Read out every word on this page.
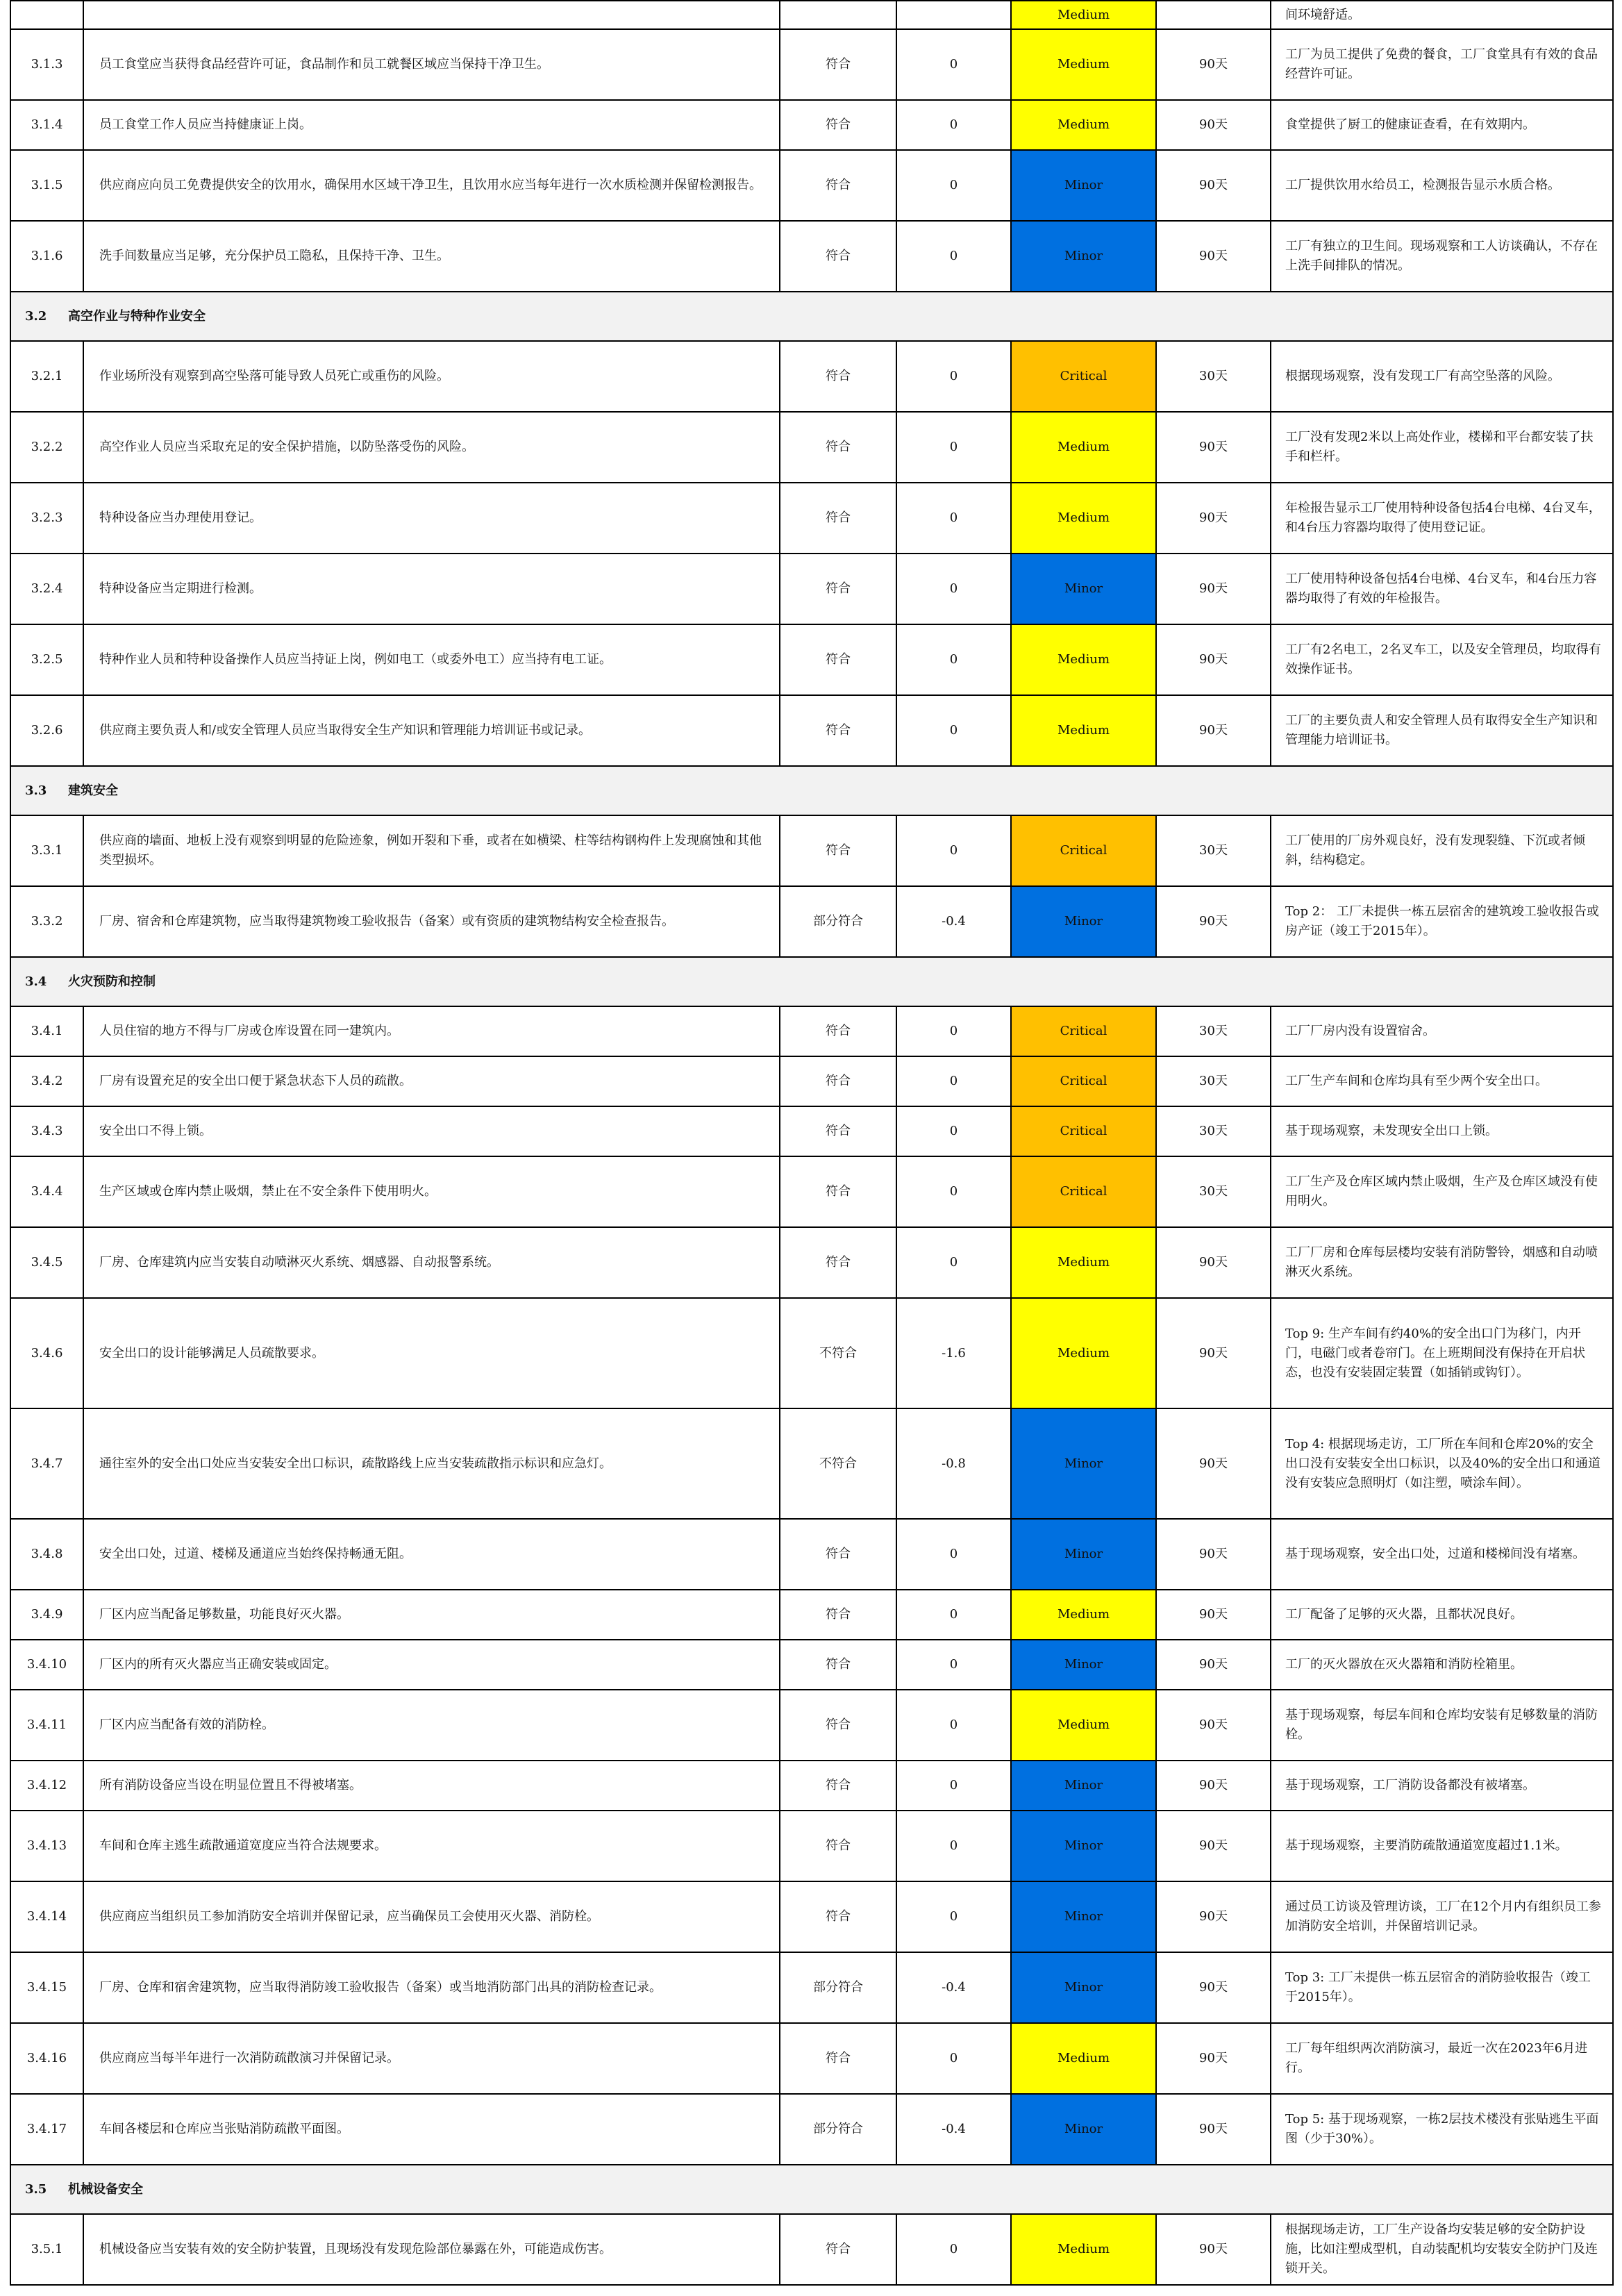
				Medium		间环境舒适。
3.1.3	员工食堂应当获得食品经营许可证，食品制作和员工就餐区域应当保持干净卫生。	符合	0	Medium	90天	工厂为员工提供了免费的餐食，工厂食堂具有有效的食品经营许可证。
3.1.4	员工食堂工作人员应当持健康证上岗。	符合	0	Medium	90天	食堂提供了厨工的健康证查看，在有效期内。
3.1.5	供应商应向员工免费提供安全的饮用水，确保用水区域干净卫生，且饮用水应当每年进行一次水质检测并保留检测报告。	符合	0	Minor	90天	工厂提供饮用水给员工，检测报告显示水质合格。
3.1.6	洗手间数量应当足够，充分保护员工隐私，且保持干净、卫生。	符合	0	Minor	90天	工厂有独立的卫生间。现场观察和工人访谈确认，不存在上洗手间排队的情况。
3.2 高空作业与特种作业安全						
3.2.1	作业场所没有观察到高空坠落可能导致人员死亡或重伤的风险。	符合	0	Critical	30天	根据现场观察，没有发现工厂有高空坠落的风险。
3.2.2	高空作业人员应当采取充足的安全保护措施，以防坠落受伤的风险。	符合	0	Medium	90天	工厂没有发现2米以上高处作业，楼梯和平台都安装了扶手和栏杆。
3.2.3	特种设备应当办理使用登记。	符合	0	Medium	90天	年检报告显示工厂使用特种设备包括4台电梯、4台叉车，和4台压力容器均取得了使用登记证。
3.2.4	特种设备应当定期进行检测。	符合	0	Minor	90天	工厂使用特种设备包括4台电梯、4台叉车，和4台压力容器均取得了有效的年检报告。
3.2.5	特种作业人员和特种设备操作人员应当持证上岗，例如电工（或委外电工）应当持有电工证。	符合	0	Medium	90天	工厂有2名电工，2名叉车工，以及安全管理员，均取得有效操作证书。
3.2.6	供应商主要负责人和/或安全管理人员应当取得安全生产知识和管理能力培训证书或记录。	符合	0	Medium	90天	工厂的主要负责人和安全管理人员有取得安全生产知识和管理能力培训证书。
3.3 建筑安全						
3.3.1	供应商的墙面、地板上没有观察到明显的危险迹象，例如开裂和下垂，或者在如横梁、柱等结构钢构件上发现腐蚀和其他类型损坏。	符合	0	Critical	30天	工厂使用的厂房外观良好，没有发现裂缝、下沉或者倾斜，结构稳定。
3.3.2	厂房、宿舍和仓库建筑物，应当取得建筑物竣工验收报告（备案）或有资质的建筑物结构安全检查报告。	部分符合	-0.4	Minor	90天	Top 2： 工厂未提供一栋五层宿舍的建筑竣工验收报告或房产证（竣工于2015年）。
3.4 火灾预防和控制						
3.4.1	人员住宿的地方不得与厂房或仓库设置在同一建筑内。	符合	0	Critical	30天	工厂厂房内没有设置宿舍。
3.4.2	厂房有设置充足的安全出口便于紧急状态下人员的疏散。	符合	0	Critical	30天	工厂生产车间和仓库均具有至少两个安全出口。
3.4.3	安全出口不得上锁。	符合	0	Critical	30天	基于现场观察，未发现安全出口上锁。
3.4.4	生产区域或仓库内禁止吸烟，禁止在不安全条件下使用明火。	符合	0	Critical	30天	工厂生产及仓库区域内禁止吸烟，生产及仓库区域没有使用明火。
3.4.5	厂房、仓库建筑内应当安装自动喷淋灭火系统、烟感器、自动报警系统。	符合	0	Medium	90天	工厂厂房和仓库每层楼均安装有消防警铃，烟感和自动喷淋灭火系统。
3.4.6	安全出口的设计能够满足人员疏散要求。	不符合	-1.6	Medium	90天	Top 9: 生产车间有约40%的安全出口门为移门，内开门，电磁门或者卷帘门。在上班期间没有保持在开启状态，也没有安装固定装置（如插销或钩钉）。
3.4.7	通往室外的安全出口处应当安装安全出口标识，疏散路线上应当安装疏散指示标识和应急灯。	不符合	-0.8	Minor	90天	Top 4: 根据现场走访，工厂所在车间和仓库20%的安全出口没有安装安全出口标识，以及40%的安全出口和通道没有安装应急照明灯（如注塑，喷涂车间）。
3.4.8	安全出口处，过道、楼梯及通道应当始终保持畅通无阻。	符合	0	Minor	90天	基于现场观察，安全出口处，过道和楼梯间没有堵塞。
3.4.9	厂区内应当配备足够数量，功能良好灭火器。	符合	0	Medium	90天	工厂配备了足够的灭火器，且都状况良好。
3.4.10	厂区内的所有灭火器应当正确安装或固定。	符合	0	Minor	90天	工厂的灭火器放在灭火器箱和消防栓箱里。
3.4.11	厂区内应当配备有效的消防栓。	符合	0	Medium	90天	基于现场观察，每层车间和仓库均安装有足够数量的消防栓。
3.4.12	所有消防设备应当设在明显位置且不得被堵塞。	符合	0	Minor	90天	基于现场观察，工厂消防设备都没有被堵塞。
3.4.13	车间和仓库主逃生疏散通道宽度应当符合法规要求。	符合	0	Minor	90天	基于现场观察，主要消防疏散通道宽度超过1.1米。
3.4.14	供应商应当组织员工参加消防安全培训并保留记录，应当确保员工会使用灭火器、消防栓。	符合	0	Minor	90天	通过员工访谈及管理访谈，工厂在12个月内有组织员工参加消防安全培训，并保留培训记录。
3.4.15	厂房、仓库和宿舍建筑物，应当取得消防竣工验收报告（备案）或当地消防部门出具的消防检查记录。	部分符合	-0.4	Minor	90天	Top 3: 工厂未提供一栋五层宿舍的消防验收报告（竣工于2015年）。
3.4.16	供应商应当每半年进行一次消防疏散演习并保留记录。	符合	0	Medium	90天	工厂每年组织两次消防演习，最近一次在2023年6月进行。
3.4.17	车间各楼层和仓库应当张贴消防疏散平面图。	部分符合	-0.4	Minor	90天	Top 5: 基于现场观察，一栋2层技术楼没有张贴逃生平面图（少于30%）。
3.5 机械设备安全						
3.5.1	机械设备应当安装有效的安全防护装置，且现场没有发现危险部位暴露在外，可能造成伤害。	符合	0	Medium	90天	根据现场走访，工厂生产设备均安装足够的安全防护设施，比如注塑成型机，自动装配机均安装安全防护门及连锁开关。
